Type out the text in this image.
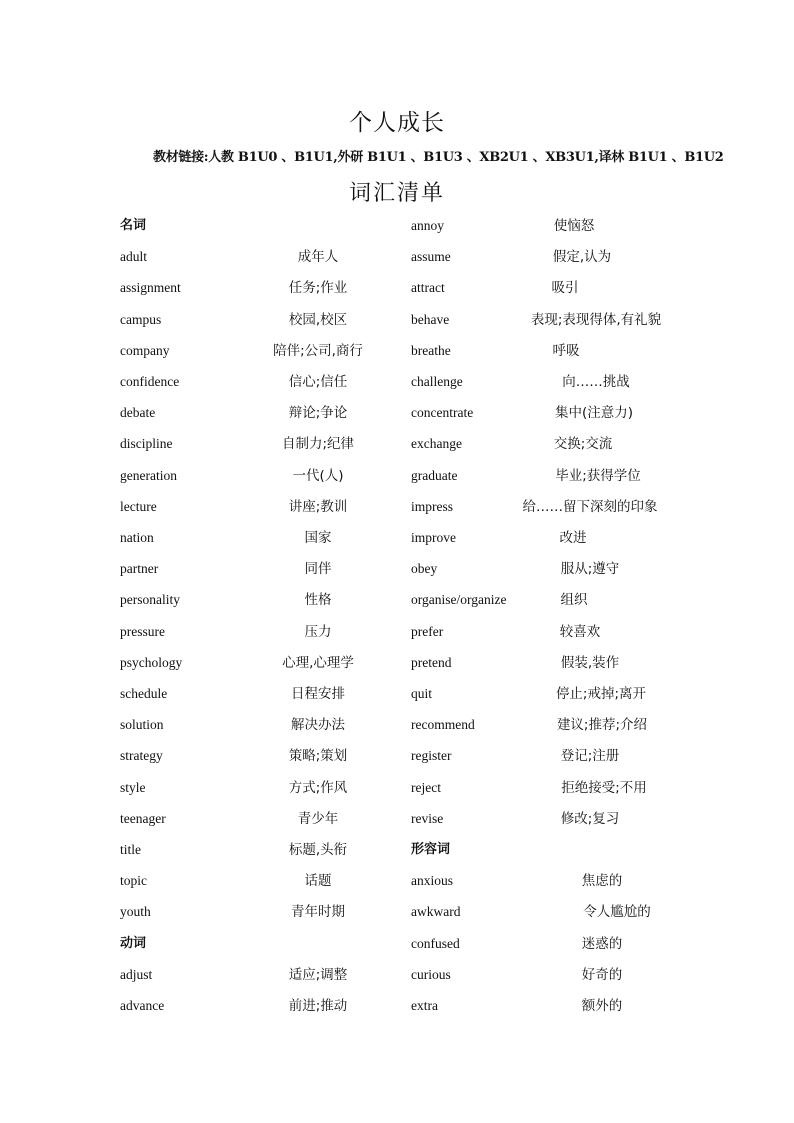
个人成长
教材链接:人教 B1U0 、B1U1,外研 B1U1 、B1U3 、XB2U1 、XB3U1,译林 B1U1 、B1U2
词汇清单
名词
adult	成年人
assignment	任务;作业
campus	校园,校区
company	陪伴;公司,商行
confidence	信心;信任
debate	辩论;争论
discipline	自制力;纪律
generation	一代(人)
lecture	讲座;教训
nation	国家
partner	同伴
personality	性格
pressure	压力
psychology	心理,心理学
schedule	日程安排
solution	解决办法
strategy	策略;策划
style	方式;作风
teenager	青少年
title	标题,头衔
topic	话题
youth	青年时期
动词
adjust	适应;调整
advance	前进;推动
annoy	使恼怒
assume	假定,认为
attract	吸引
behave	表现;表现得体,有礼貌
breathe	呼吸
challenge	向……挑战
concentrate	集中(注意力)
exchange	交换;交流
graduate	毕业;获得学位
impress	给……留下深刻的印象
improve	改进
obey	服从;遵守
organise/organize	组织
prefer	较喜欢
pretend	假装,装作
quit	停止;戒掉;离开
recommend	建议;推荐;介绍
register	登记;注册
reject	拒绝接受;不用
revise	修改;复习
形容词
anxious	焦虑的
awkward	令人尴尬的
confused	迷惑的
curious	好奇的
extra	额外的
